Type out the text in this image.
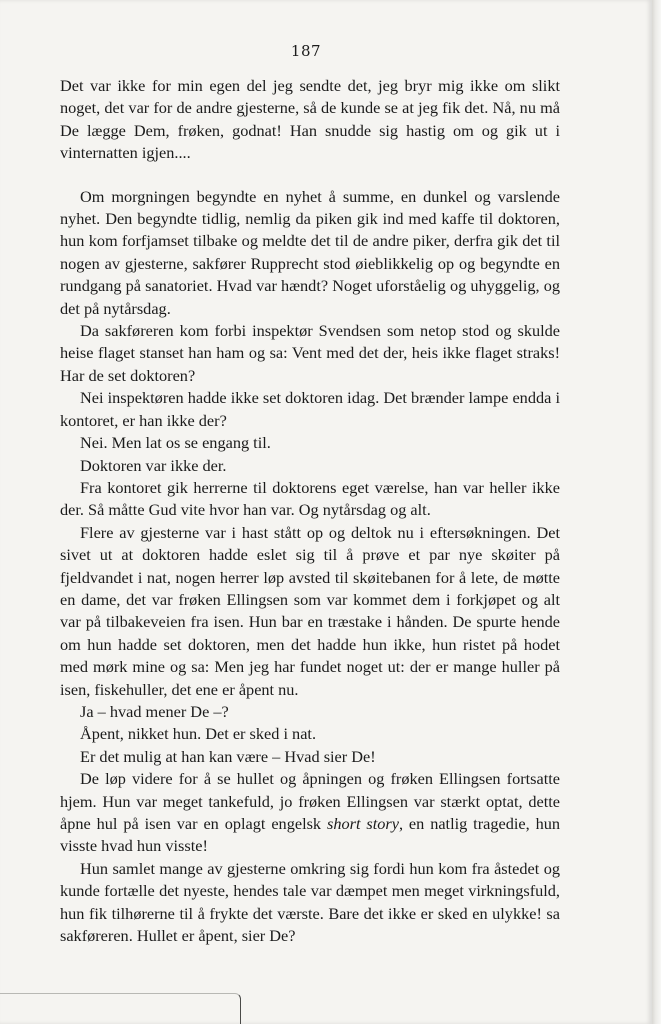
187

Det var ikke for min egen del jeg sendte det, jeg bryr mig ikke om slikt noget, det var for de andre gjesterne, så de kunde se at jeg fik det. Nå, nu må De lægge Dem, frøken, godnat! Han snudde sig hastig om og gik ut i vinternatten igjen....

Om morgningen begyndte en nyhet å summe, en dunkel og varslende nyhet. Den begyndte tidlig, nemlig da piken gik ind med kaffe til doktoren, hun kom forfjamset tilbake og meldte det til de andre piker, derfra gik det til nogen av gjesterne, sakfører Rupprecht stod øieblikkelig op og begyndte en rundgang på sanatoriet. Hvad var hændt? Noget uforståelig og uhyggelig, og det på nytårsdag.

Da sakføreren kom forbi inspektør Svendsen som netop stod og skulde heise flaget stanset han ham og sa: Vent med det der, heis ikke flaget straks! Har de set doktoren?

Nei inspektøren hadde ikke set doktoren idag. Det brænder lampe endda i kontoret, er han ikke der?

Nei. Men lat os se engang til.

Doktoren var ikke der.

Fra kontoret gik herrerne til doktorens eget værelse, han var heller ikke der. Så måtte Gud vite hvor han var. Og nytårsdag og alt.

Flere av gjesterne var i hast stått op og deltok nu i eftersøkningen. Det sivet ut at doktoren hadde eslet sig til å prøve et par nye skøiter på fjeldvandet i nat, nogen herrer løp avsted til skøitebanen for å lete, de møtte en dame, det var frøken Ellingsen som var kommet dem i forkjøpet og alt var på tilbakeveien fra isen. Hun bar en træstake i hånden. De spurte hende om hun hadde set doktoren, men det hadde hun ikke, hun ristet på hodet med mørk mine og sa: Men jeg har fundet noget ut: der er mange huller på isen, fiskehuller, det ene er åpent nu.

Ja – hvad mener De –?

Åpent, nikket hun. Det er sked i nat.

Er det mulig at han kan være – Hvad sier De!

De løp videre for å se hullet og åpningen og frøken Ellingsen fortsatte hjem. Hun var meget tankefuld, jo frøken Ellingsen var stærkt optat, dette åpne hul på isen var en oplagt engelsk short story, en natlig tragedie, hun visste hvad hun visste!

Hun samlet mange av gjesterne omkring sig fordi hun kom fra åstedet og kunde fortælle det nyeste, hendes tale var dæmpet men meget virkningsfuld, hun fik tilhørerne til å frykte det værste. Bare det ikke er sked en ulykke! sa sakføreren. Hullet er åpent, sier De?
